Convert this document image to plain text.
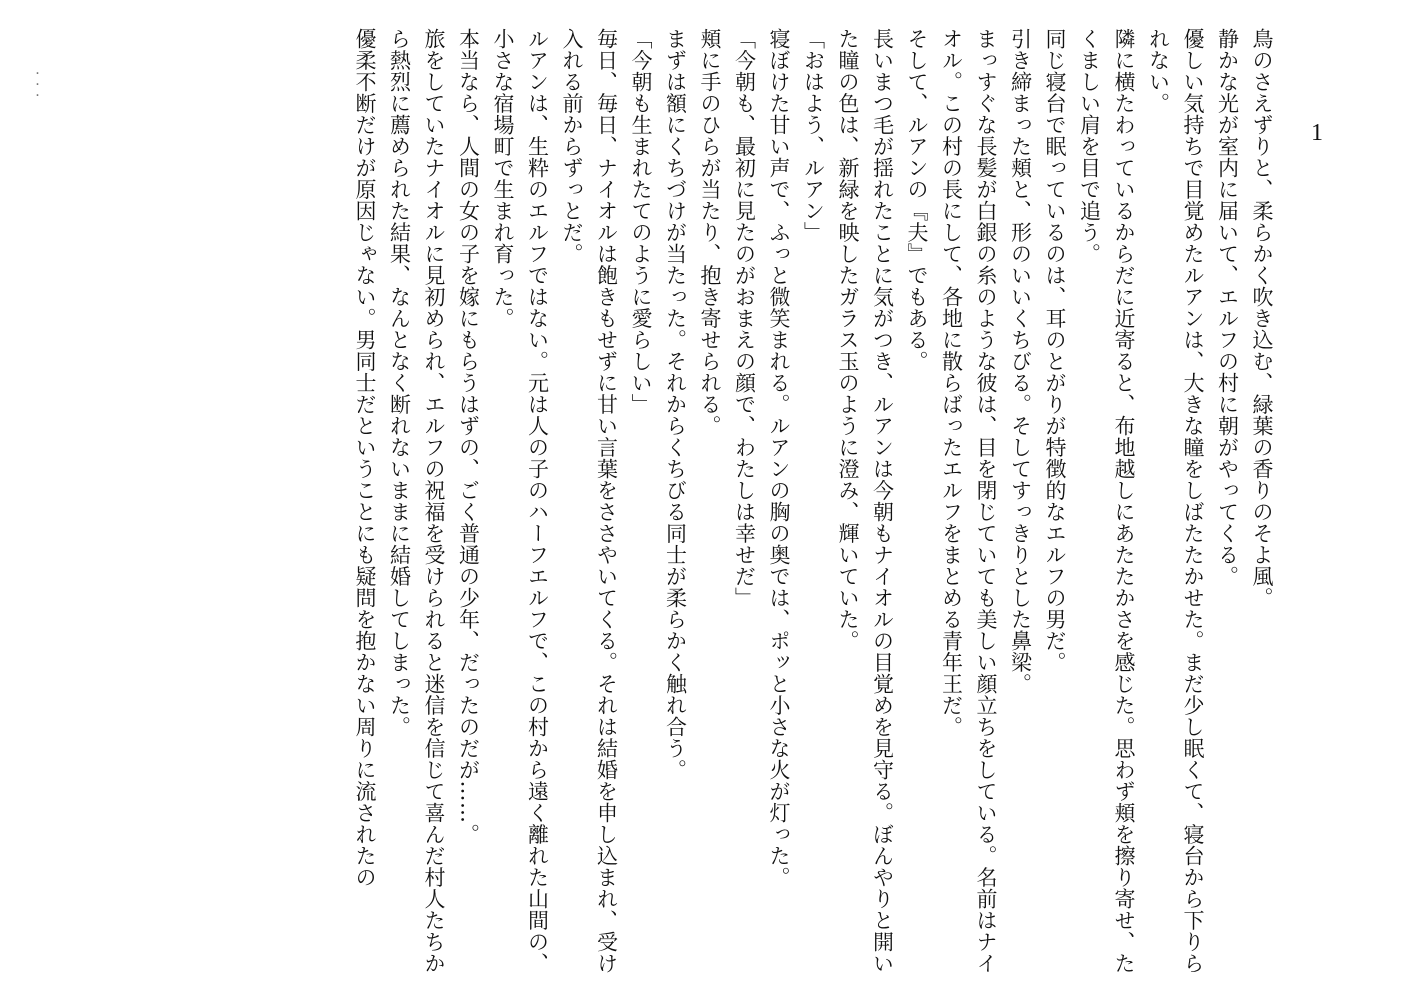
1

鳥のさえずりと、柔らかく吹き込む、緑葉の香りのそよ風。

静かな光が室内に届いて、エルフの村に朝がやってくる。

優しい気持ちで目覚めたルアンは、大きな瞳をしばたたかせた。まだ少し眠くて、寝台から下りられない。

隣に横たわっているからだに近寄ると、布地越しにあたたかさを感じた。思わず頬を擦り寄せ、たくましい肩を目で追う。

同じ寝台で眠っているのは、耳のとがりが特徴的なエルフの男だ。

引き締まった頬と、形のいいくちびる。そしてすっきりとした鼻梁。

まっすぐな長髪が白銀の糸のような彼は、目を閉じていても美しい顔立ちをしている。名前はナイオル。この村の長にして、各地に散らばったエルフをまとめる青年王だ。

そして、ルアンの『夫』でもある。

長いまつ毛が揺れたことに気がつき、ルアンは今朝もナイオルの目覚めを見守る。ぼんやりと開いた瞳の色は、新緑を映したガラス玉のように澄み、輝いていた。

「おはよう、ルアン」

寝ぼけた甘い声で、ふっと微笑まれる。ルアンの胸の奥では、ポッと小さな火が灯った。

「今朝も、最初に見たのがおまえの顔で、わたしは幸せだ」

頬に手のひらが当たり、抱き寄せられる。

まずは額にくちづけが当たった。それからくちびる同士が柔らかく触れ合う。

「今朝も生まれたてのように愛らしい」

毎日、毎日、ナイオルは飽きもせずに甘い言葉をささやいてくる。それは結婚を申し込まれ、受け入れる前からずっとだ。

ルアンは、生粋のエルフではない。元は人の子のハーフエルフで、この村から遠く離れた山間の、小さな宿場町で生まれ育った。

本当なら、人間の女の子を嫁にもらうはずの、ごく普通の少年、だったのだが……。

旅をしていたナイオルに見初められ、エルフの祝福を受けられると迷信を信じて喜んだ村人たちから熱烈に薦められた結果、なんとなく断れないままに結婚してしまった。

優柔不断だけが原因じゃない。男同士だということにも疑問を抱かない周りに流されたの

・・・
